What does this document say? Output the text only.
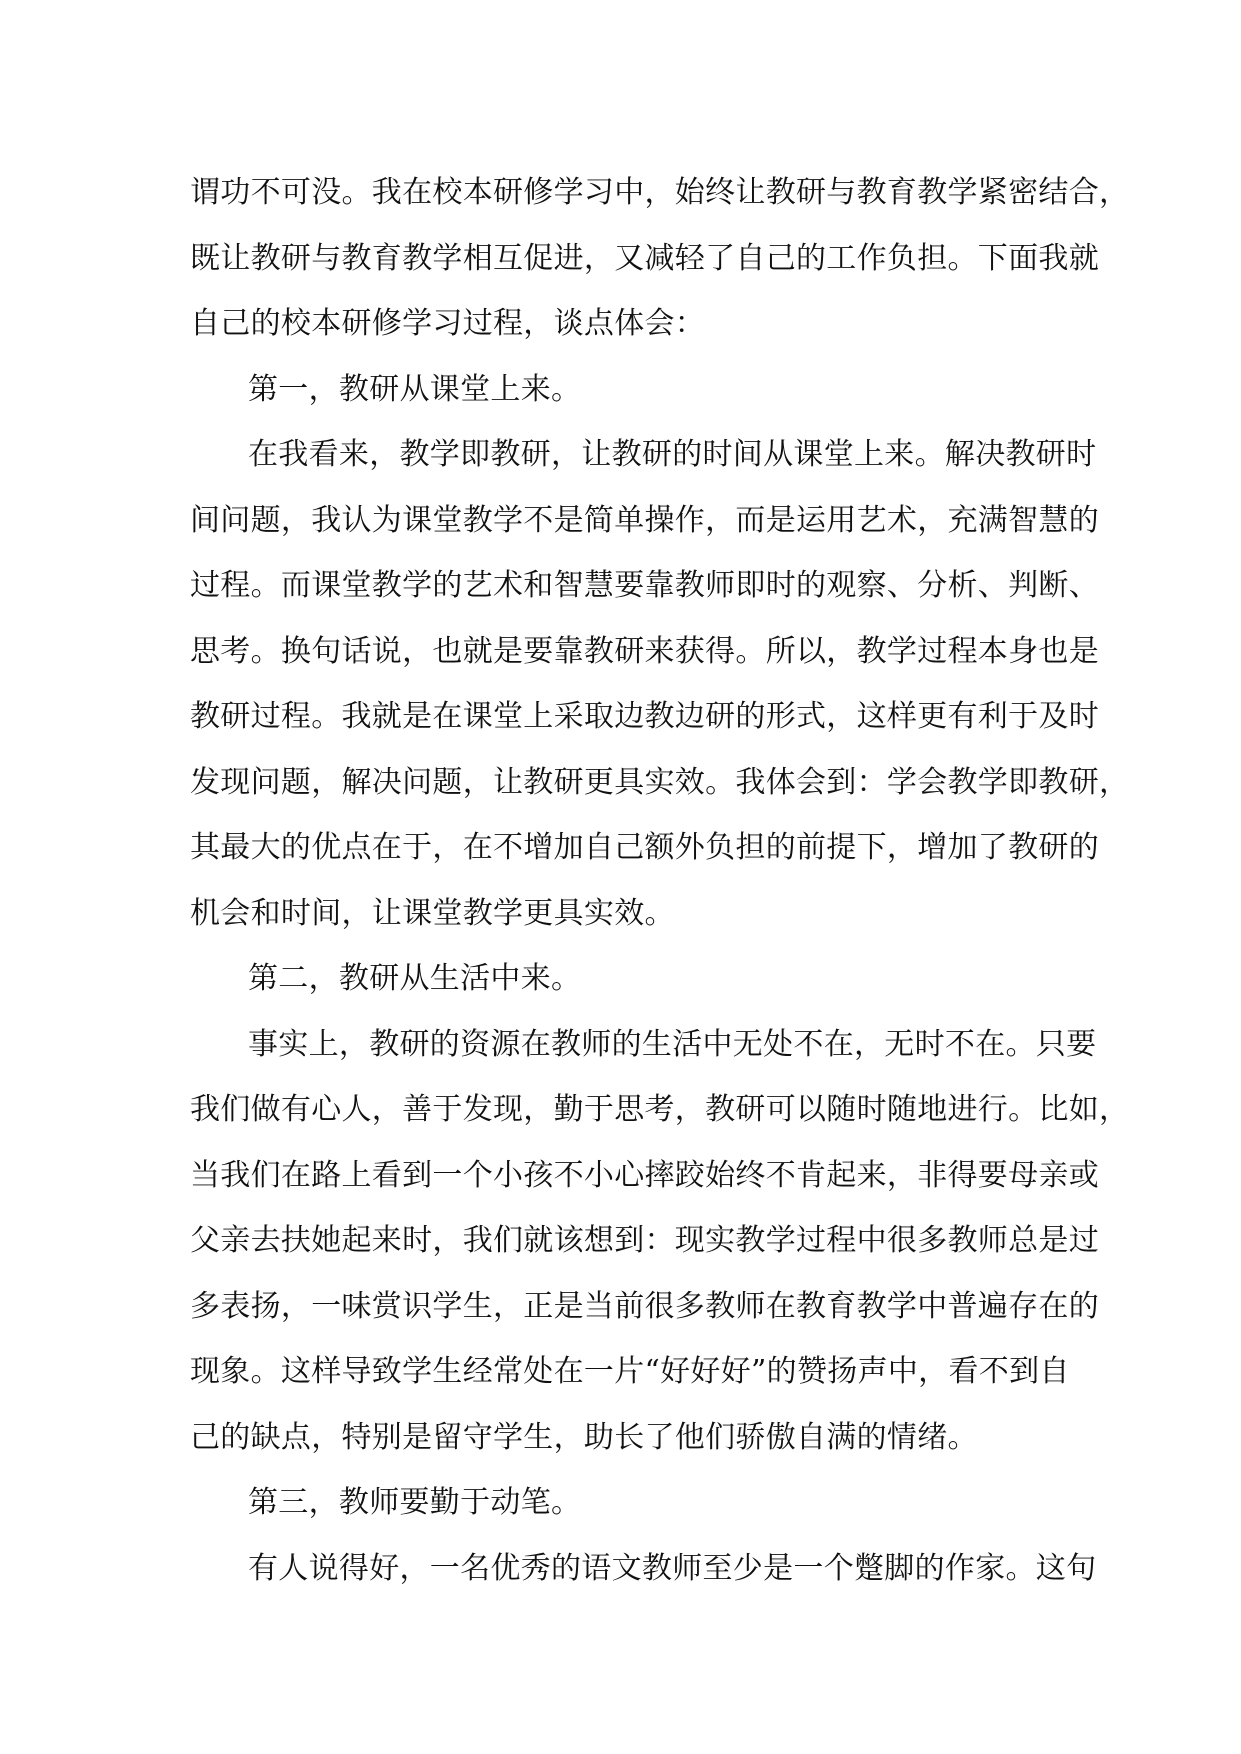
谓功不可没。我在校本研修学习中，始终让教研与教育教学紧密结合，
既让教研与教育教学相互促进，又减轻了自己的工作负担。下面我就
自己的校本研修学习过程，谈点体会：
第一，教研从课堂上来。
在我看来，教学即教研，让教研的时间从课堂上来。解决教研时
间问题，我认为课堂教学不是简单操作，而是运用艺术，充满智慧的
过程。而课堂教学的艺术和智慧要靠教师即时的观察、分析、判断、
思考。换句话说，也就是要靠教研来获得。所以，教学过程本身也是
教研过程。我就是在课堂上采取边教边研的形式，这样更有利于及时
发现问题，解决问题，让教研更具实效。我体会到：学会教学即教研，
其最大的优点在于，在不增加自己额外负担的前提下，增加了教研的
机会和时间，让课堂教学更具实效。
第二，教研从生活中来。
事实上，教研的资源在教师的生活中无处不在，无时不在。只要
我们做有心人，善于发现，勤于思考，教研可以随时随地进行。比如，
当我们在路上看到一个小孩不小心摔跤始终不肯起来，非得要母亲或
父亲去扶她起来时，我们就该想到：现实教学过程中很多教师总是过
多表扬，一味赏识学生，正是当前很多教师在教育教学中普遍存在的
现象。这样导致学生经常处在一片“好好好”的赞扬声中，看不到自
己的缺点，特别是留守学生，助长了他们骄傲自满的情绪。
第三，教师要勤于动笔。
有人说得好，一名优秀的语文教师至少是一个蹩脚的作家。这句
